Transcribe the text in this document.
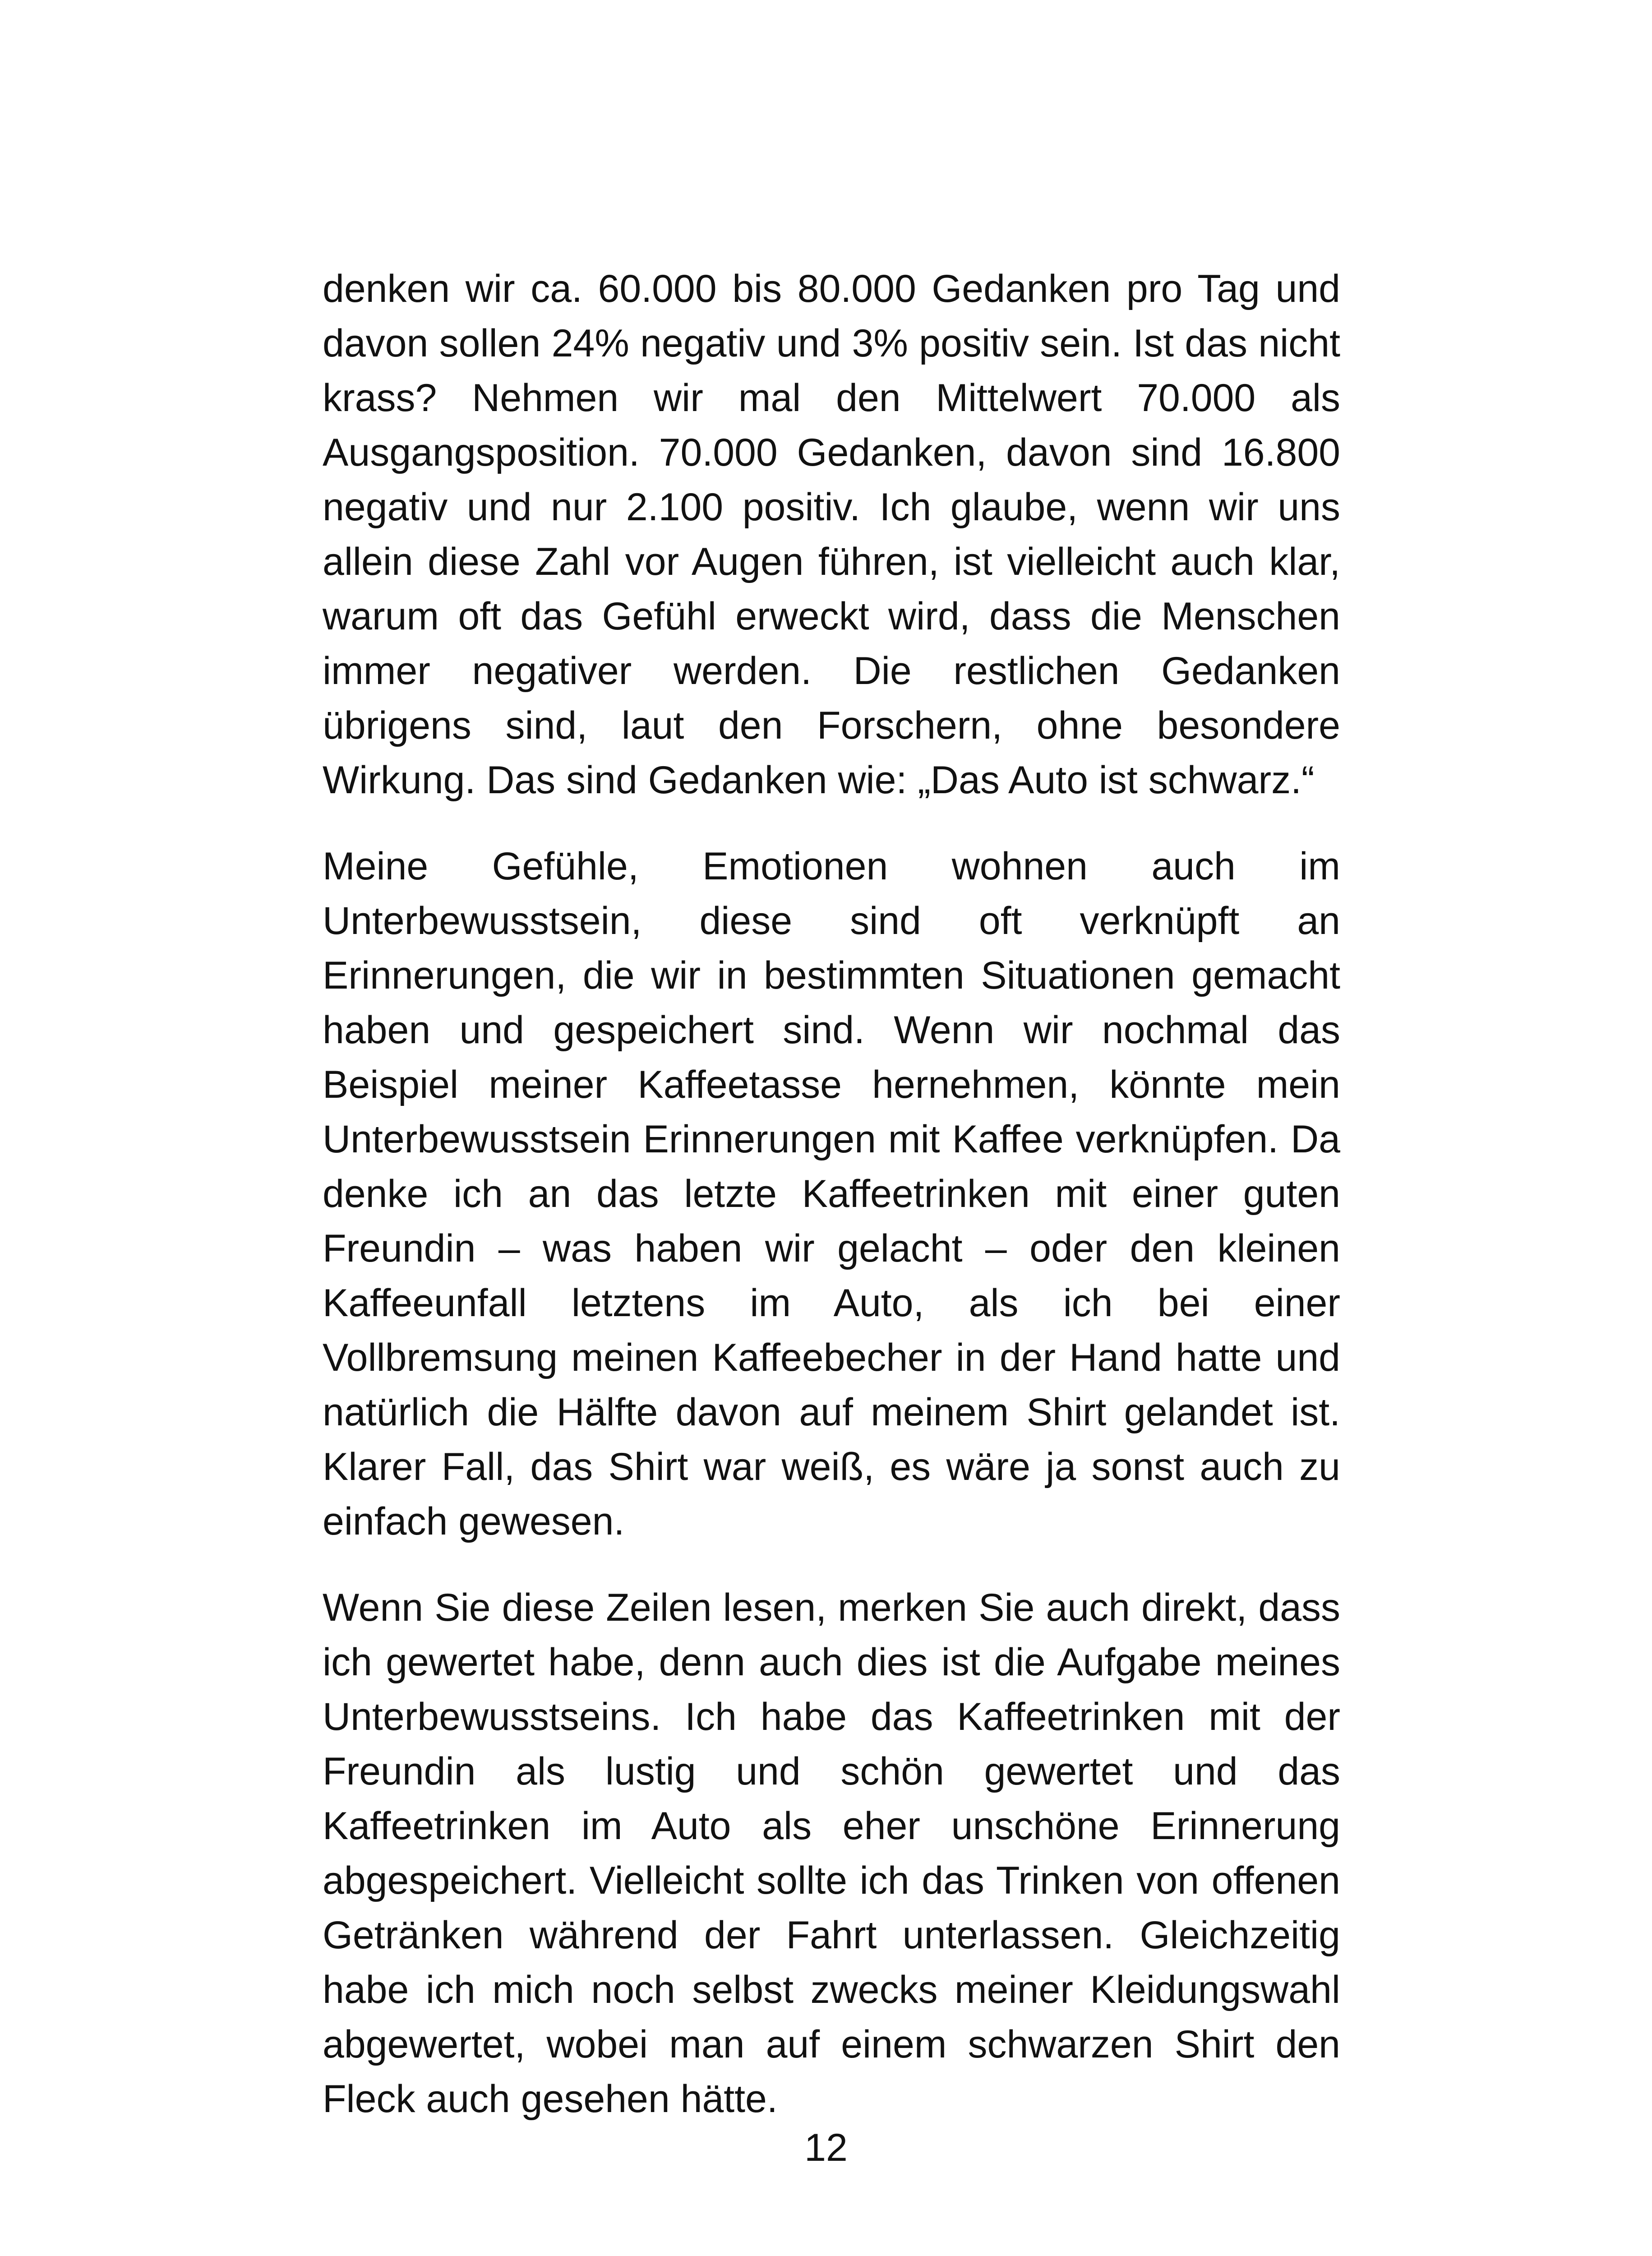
denken wir ca. 60.000 bis 80.000 Gedanken pro Tag und davon sollen 24% negativ und 3% positiv sein. Ist das nicht krass? Nehmen wir mal den Mittelwert 70.000 als Ausgangsposition. 70.000 Gedanken, davon sind 16.800 negativ und nur 2.100 positiv. Ich glaube, wenn wir uns allein diese Zahl vor Augen führen, ist vielleicht auch klar, warum oft das Gefühl erweckt wird, dass die Menschen immer negativer werden. Die restlichen Gedanken übrigens sind, laut den Forschern, ohne besondere Wirkung. Das sind Gedanken wie: „Das Auto ist schwarz.“

Meine Gefühle, Emotionen wohnen auch im Unterbewusstsein, diese sind oft verknüpft an Erinnerungen, die wir in bestimmten Situationen gemacht haben und gespeichert sind. Wenn wir nochmal das Beispiel meiner Kaffeetasse hernehmen, könnte mein Unterbewusstsein Erinnerungen mit Kaffee verknüpfen. Da denke ich an das letzte Kaffeetrinken mit einer guten Freundin – was haben wir gelacht – oder den kleinen Kaffeeunfall letztens im Auto, als ich bei einer Vollbremsung meinen Kaffeebecher in der Hand hatte und natürlich die Hälfte davon auf meinem Shirt gelandet ist. Klarer Fall, das Shirt war weiß, es wäre ja sonst auch zu einfach gewesen.

Wenn Sie diese Zeilen lesen, merken Sie auch direkt, dass ich gewertet habe, denn auch dies ist die Aufgabe meines Unterbewusstseins. Ich habe das Kaffeetrinken mit der Freundin als lustig und schön gewertet und das Kaffeetrinken im Auto als eher unschöne Erinnerung abgespeichert. Vielleicht sollte ich das Trinken von offenen Getränken während der Fahrt unterlassen. Gleichzeitig habe ich mich noch selbst zwecks meiner Kleidungswahl abgewertet, wobei man auf einem schwarzen Shirt den Fleck auch gesehen hätte.

12
